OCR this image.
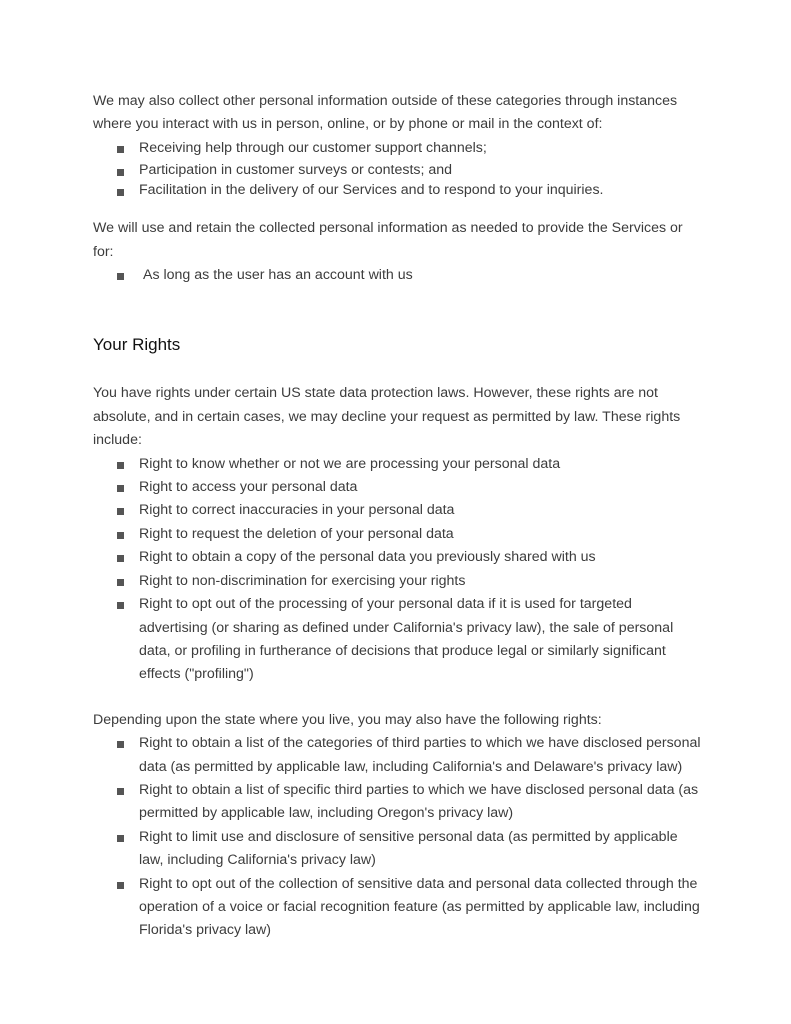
We may also collect other personal information outside of these categories through instances where you interact with us in person, online, or by phone or mail in the context of:

Receiving help through our customer support channels;
Participation in customer surveys or contests; and
Facilitation in the delivery of our Services and to respond to your inquiries.

We will use and retain the collected personal information as needed to provide the Services or for:

As long as the user has an account with us
Your Rights

You have rights under certain US state data protection laws. However, these rights are not absolute, and in certain cases, we may decline your request as permitted by law. These rights include:

Right to know whether or not we are processing your personal data
Right to access your personal data
Right to correct inaccuracies in your personal data
Right to request the deletion of your personal data
Right to obtain a copy of the personal data you previously shared with us
Right to non-discrimination for exercising your rights
Right to opt out of the processing of your personal data if it is used for targeted advertising (or sharing as defined under California's privacy law), the sale of personal data, or profiling in furtherance of decisions that produce legal or similarly significant effects ("profiling")

Depending upon the state where you live, you may also have the following rights:

Right to obtain a list of the categories of third parties to which we have disclosed personal data (as permitted by applicable law, including California's and Delaware's privacy law)
Right to obtain a list of specific third parties to which we have disclosed personal data (as permitted by applicable law, including Oregon's privacy law)
Right to limit use and disclosure of sensitive personal data (as permitted by applicable law, including California's privacy law)
Right to opt out of the collection of sensitive data and personal data collected through the operation of a voice or facial recognition feature (as permitted by applicable law, including Florida's privacy law)
